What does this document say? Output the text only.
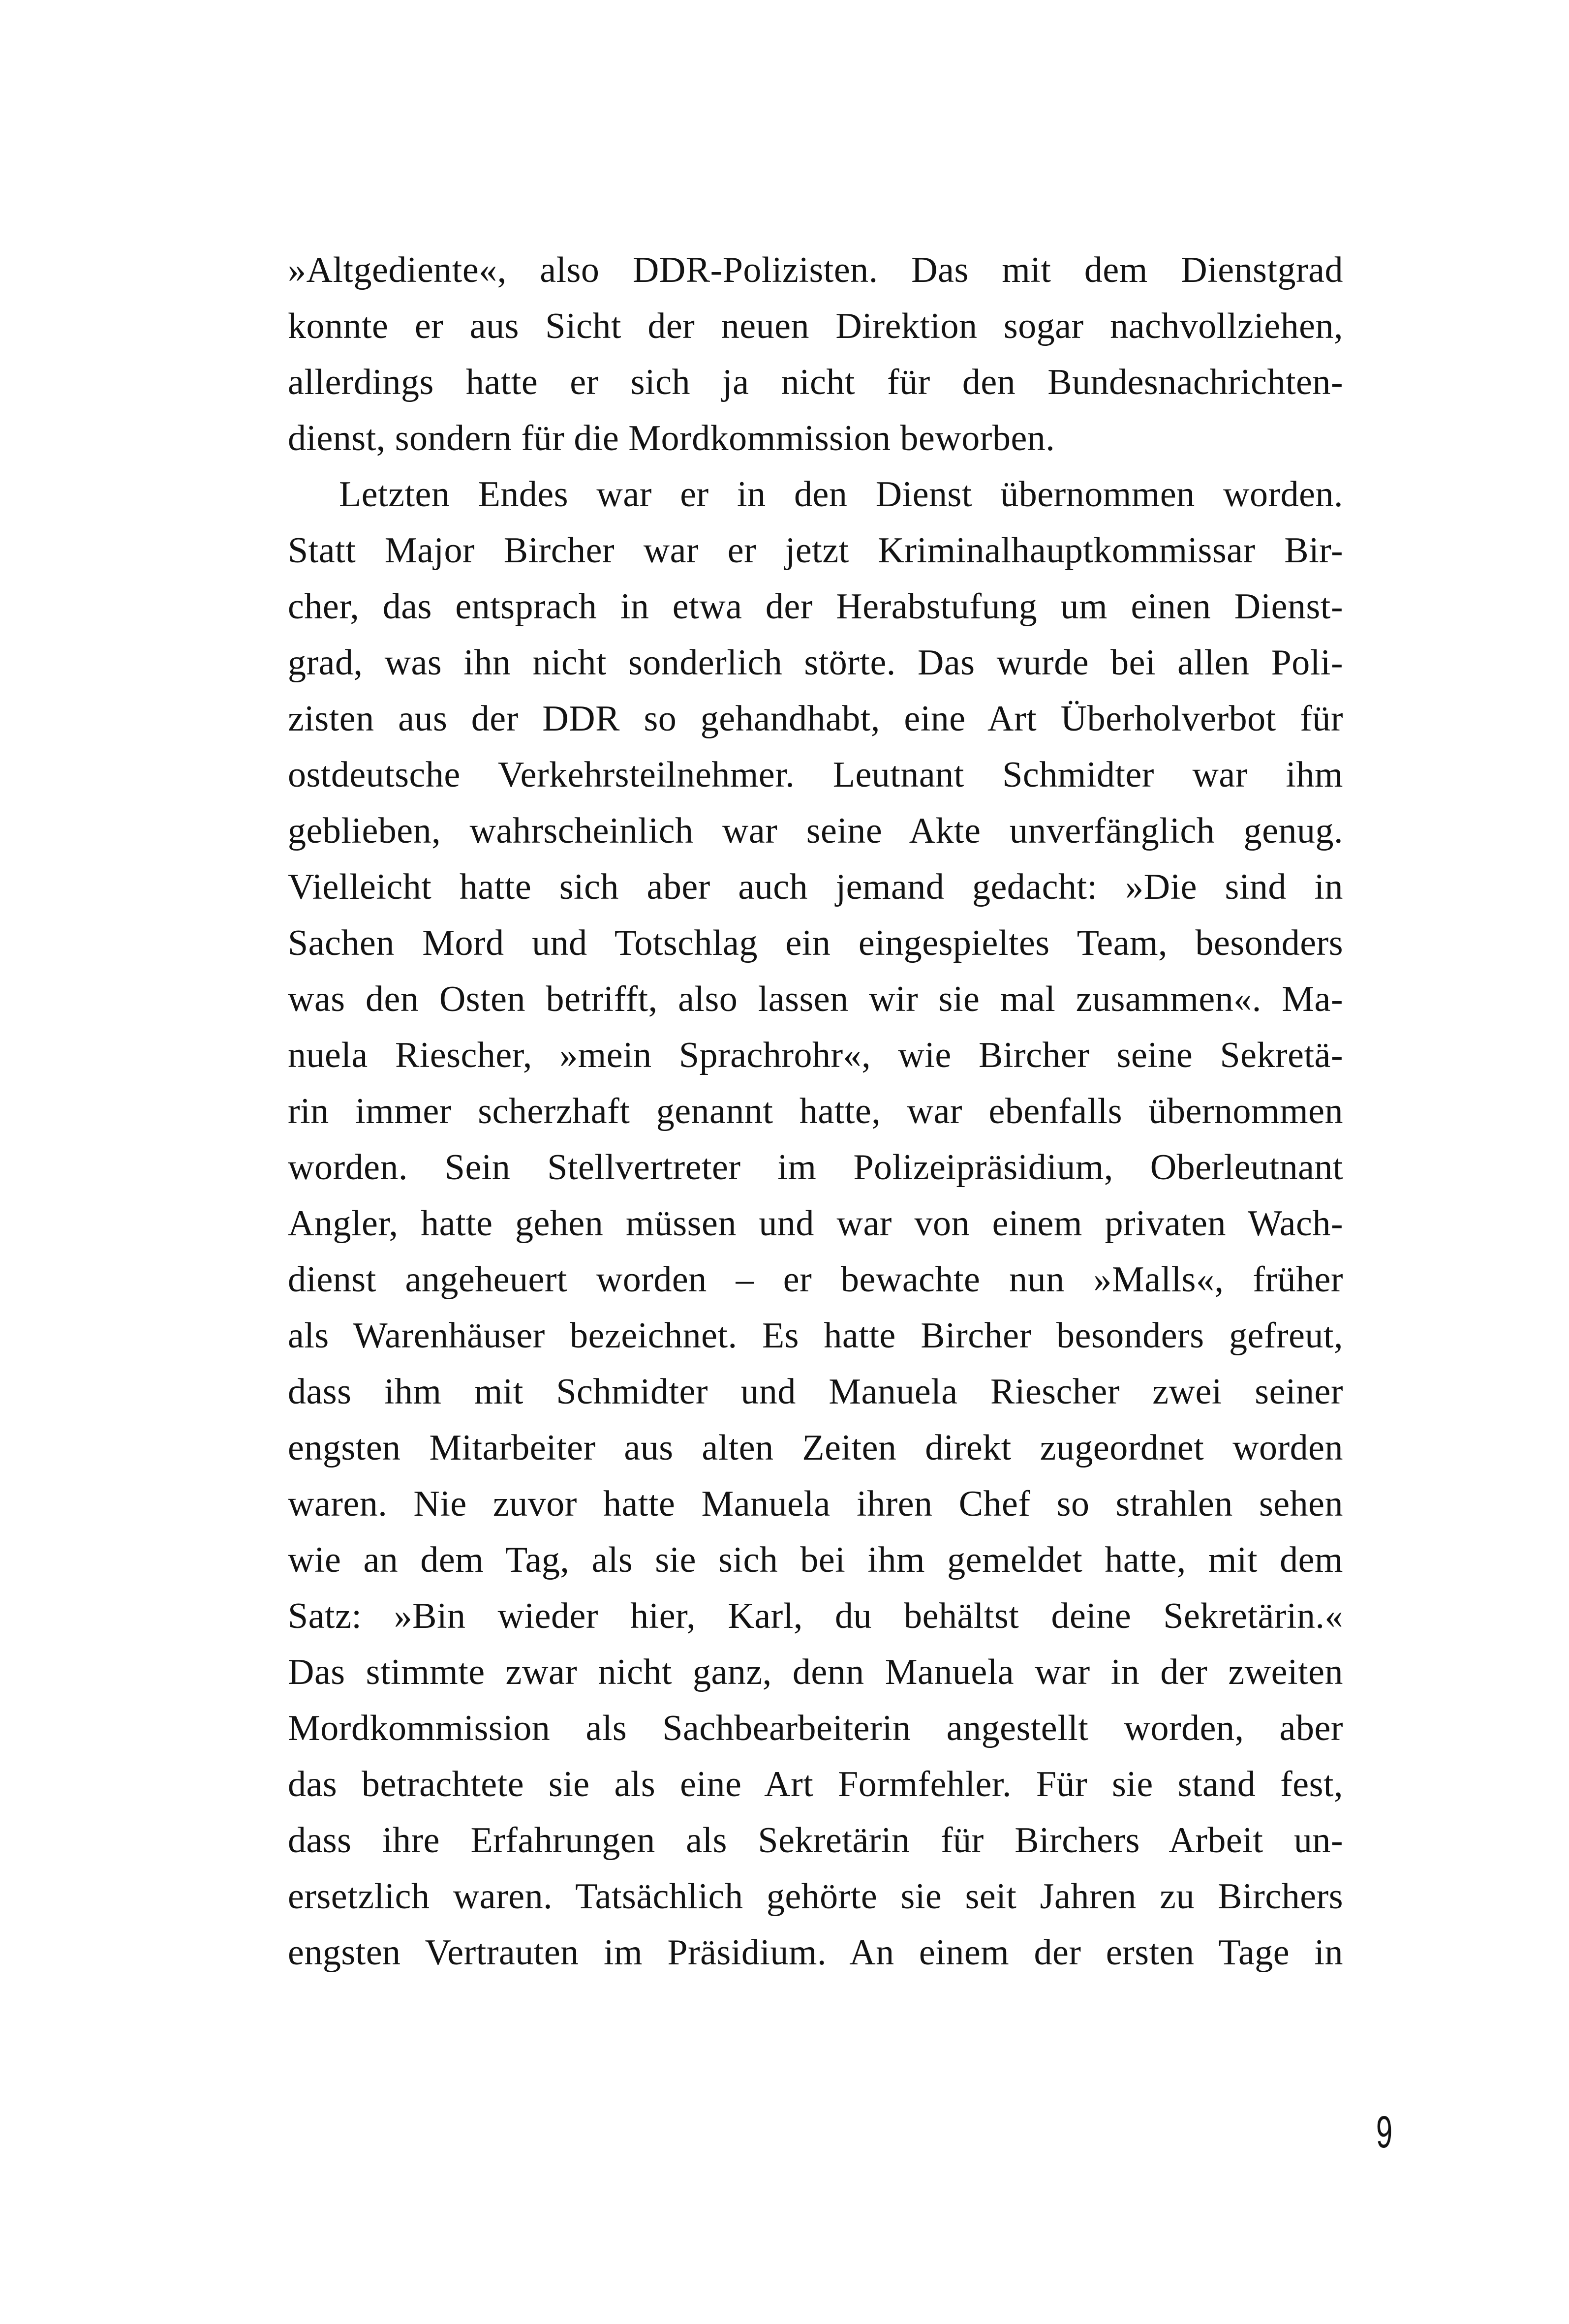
»Altgediente«, also DDR-Polizisten. Das mit dem Dienstgrad
konnte er aus Sicht der neuen Direktion sogar nachvollziehen,
allerdings hatte er sich ja nicht für den Bundesnachrichten-
dienst, sondern für die Mordkommission beworben.
Letzten Endes war er in den Dienst übernommen worden.
Statt Major Bircher war er jetzt Kriminalhauptkommissar Bir-
cher, das entsprach in etwa der Herabstufung um einen Dienst-
grad, was ihn nicht sonderlich störte. Das wurde bei allen Poli-
zisten aus der DDR so gehandhabt, eine Art Überholverbot für
ostdeutsche Verkehrsteilnehmer. Leutnant Schmidter war ihm
geblieben, wahrscheinlich war seine Akte unverfänglich genug.
Vielleicht hatte sich aber auch jemand gedacht: »Die sind in
Sachen Mord und Totschlag ein eingespieltes Team, besonders
was den Osten betrifft, also lassen wir sie mal zusammen«. Ma-
nuela Riescher, »mein Sprachrohr«, wie Bircher seine Sekretä-
rin immer scherzhaft genannt hatte, war ebenfalls übernommen
worden. Sein Stellvertreter im Polizeipräsidium, Oberleutnant
Angler, hatte gehen müssen und war von einem privaten Wach-
dienst angeheuert worden – er bewachte nun »Malls«, früher
als Warenhäuser bezeichnet. Es hatte Bircher besonders gefreut,
dass ihm mit Schmidter und Manuela Riescher zwei seiner
engsten Mitarbeiter aus alten Zeiten direkt zugeordnet worden
waren. Nie zuvor hatte Manuela ihren Chef so strahlen sehen
wie an dem Tag, als sie sich bei ihm gemeldet hatte, mit dem
Satz: »Bin wieder hier, Karl, du behältst deine Sekretärin.«
Das stimmte zwar nicht ganz, denn Manuela war in der zweiten
Mordkommission als Sachbearbeiterin angestellt worden, aber
das betrachtete sie als eine Art Formfehler. Für sie stand fest,
dass ihre Erfahrungen als Sekretärin für Birchers Arbeit un-
ersetzlich waren. Tatsächlich gehörte sie seit Jahren zu Birchers
engsten Vertrauten im Präsidium. An einem der ersten Tage in
9
